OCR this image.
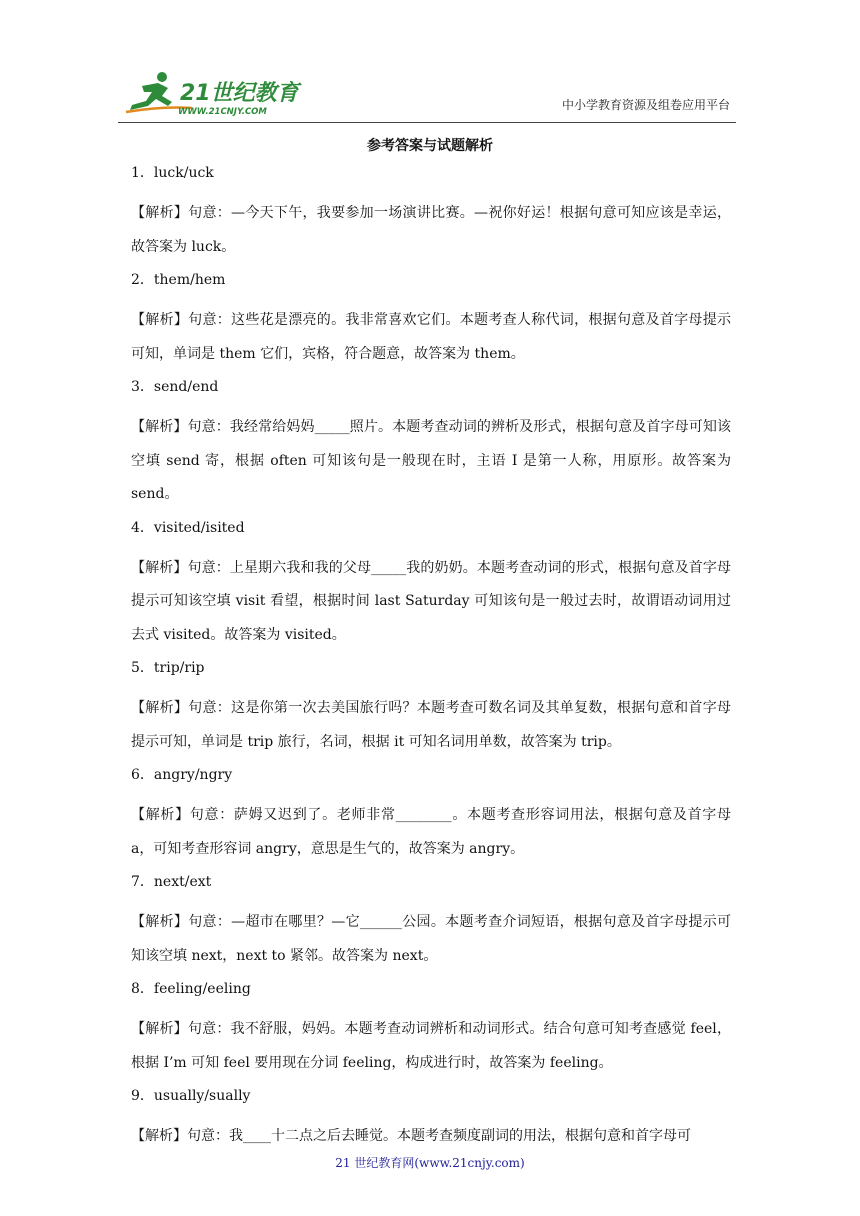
21世纪教育
WWW.21CNJY.COM	中小学教育资源及组卷应用平台
参考答案与试题解析
1．luck/uck
【解析】句意：—今天下午，我要参加一场演讲比赛。—祝你好运！根据句意可知应该是幸运，故答案为 luck。
2．them/hem
【解析】句意：这些花是漂亮的。我非常喜欢它们。本题考查人称代词，根据句意及首字母提示可知，单词是 them 它们，宾格，符合题意，故答案为 them。
3．send/end
【解析】句意：我经常给妈妈_____照片。本题考查动词的辨析及形式，根据句意及首字母可知该空填 send 寄，根据 often 可知该句是一般现在时，主语 I 是第一人称，用原形。故答案为 send。
4．visited/isited
【解析】句意：上星期六我和我的父母_____我的奶奶。本题考查动词的形式，根据句意及首字母提示可知该空填 visit 看望，根据时间 last Saturday 可知该句是一般过去时，故谓语动词用过去式 visited。故答案为 visited。
5．trip/rip
【解析】句意：这是你第一次去美国旅行吗？本题考查可数名词及其单复数，根据句意和首字母提示可知，单词是 trip 旅行，名词，根据 it 可知名词用单数，故答案为 trip。
6．angry/ngry
【解析】句意：萨姆又迟到了。老师非常________。本题考查形容词用法，根据句意及首字母 a，可知考查形容词 angry，意思是生气的，故答案为 angry。
7．next/ext
【解析】句意：—超市在哪里？—它______公园。本题考查介词短语，根据句意及首字母提示可知该空填 next，next to 紧邻。故答案为 next。
8．feeling/eeling
【解析】句意：我不舒服，妈妈。本题考查动词辨析和动词形式。结合句意可知考查感觉 feel，根据 I’m 可知 feel 要用现在分词 feeling，构成进行时，故答案为 feeling。
9．usually/sually
【解析】句意：我____十二点之后去睡觉。本题考查频度副词的用法，根据句意和首字母可
21 世纪教育网(www.21cnjy.com)
